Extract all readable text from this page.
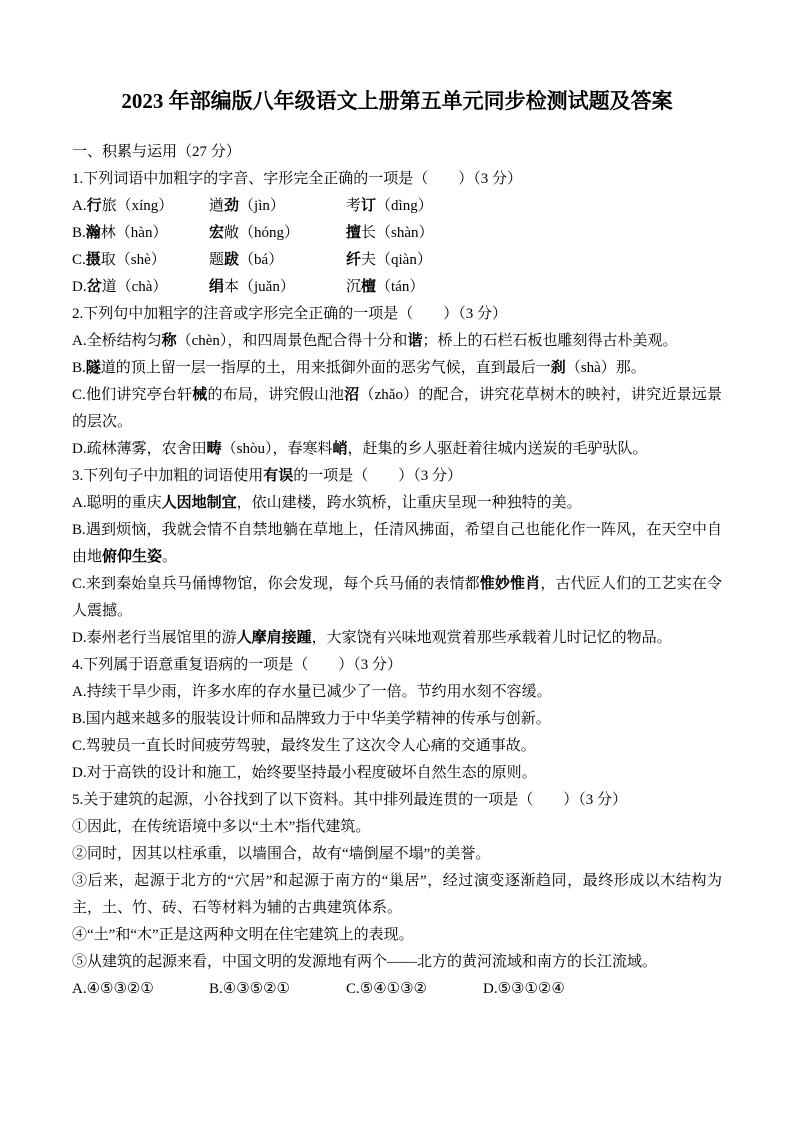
2023 年部编版八年级语文上册第五单元同步检测试题及答案
一、积累与运用（27 分）
1.下列词语中加粗字的字音、字形完全正确的一项是（　　）（3 分）
A.行旅（xíng）	遒劲（jìn）	考订（dìng）
B.瀚林（hàn）	宏敞（hóng）	擅长（shàn）
C.摄取（shè）	题跋（bá）	纤夫（qiàn）
D.岔道（chà）	绢本（juǎn）	沉檀（tán）
2.下列句中加粗字的注音或字形完全正确的一项是（　　）（3 分）
A.全桥结构匀称（chèn），和四周景色配合得十分和谐；桥上的石栏石板也雕刻得古朴美观。
B.隧道的顶上留一层一指厚的土，用来抵御外面的恶劣气候，直到最后一刹（shà）那。
C.他们讲究亭台轩械的布局，讲究假山池沼（zhǎo）的配合，讲究花草树木的映衬，讲究近景远景的层次。
D.疏林薄雾，农舍田畴（shòu），春寒料峭，赶集的乡人驱赶着往城内送炭的毛驴驮队。
3.下列句子中加粗的词语使用有误的一项是（　　）（3 分）
A.聪明的重庆人因地制宜，依山建楼，跨水筑桥，让重庆呈现一种独特的美。
B.遇到烦恼，我就会情不自禁地躺在草地上，任清风拂面，希望自己也能化作一阵风，在天空中自由地俯仰生姿。
C.来到秦始皇兵马俑博物馆，你会发现，每个兵马俑的表情都惟妙惟肖，古代匠人们的工艺实在令人震撼。
D.泰州老行当展馆里的游人摩肩接踵，大家饶有兴味地观赏着那些承载着儿时记忆的物品。
4.下列属于语意重复语病的一项是（　　）（3 分）
A.持续干旱少雨，许多水库的存水量已减少了一倍。节约用水刻不容缓。
B.国内越来越多的服装设计师和品牌致力于中华美学精神的传承与创新。
C.驾驶员一直长时间疲劳驾驶，最终发生了这次令人心痛的交通事故。
D.对于高铁的设计和施工，始终要坚持最小程度破坏自然生态的原则。
5.关于建筑的起源，小谷找到了以下资料。其中排列最连贯的一项是（　　）（3 分）
①因此，在传统语境中多以“土木”指代建筑。
②同时，因其以柱承重，以墙围合，故有“墙倒屋不塌”的美誉。
③后来，起源于北方的“穴居”和起源于南方的“巢居”，经过演变逐渐趋同，最终形成以木结构为主，土、竹、砖、石等材料为辅的古典建筑体系。
④“土”和“木”正是这两种文明在住宅建筑上的表现。
⑤从建筑的起源来看，中国文明的发源地有两个——北方的黄河流域和南方的长江流域。
A.④⑤③②①	B.④③⑤②①	C.⑤④①③②	D.⑤③①②④
